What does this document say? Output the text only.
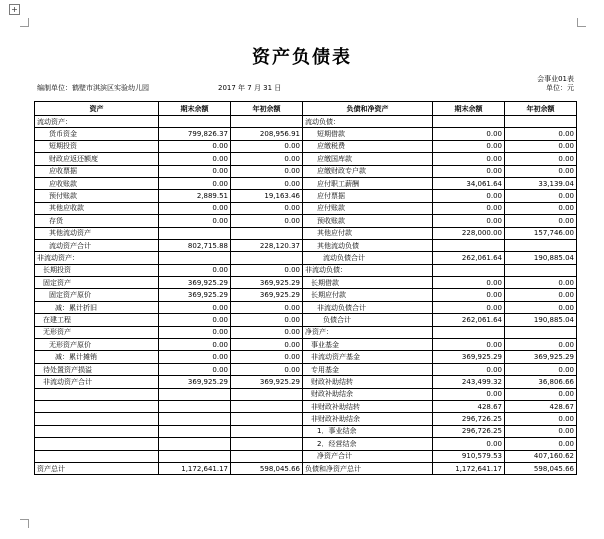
+
资产负债表
会事业01表
编制单位：鹤壁市淇滨区实验幼儿园	2017 年 7 月 31 日	单位：元
资产	期末余额	年初余额	负债和净资产	期末余额	年初余额
流动资产：			流动负债：		
货币资金	799,826.37	208,956.91	短期借款	0.00	0.00
短期投资	0.00	0.00	应缴税费	0.00	0.00
财政应返还额度	0.00	0.00	应缴国库款	0.00	0.00
应收票据	0.00	0.00	应缴财政专户款	0.00	0.00
应收账款	0.00	0.00	应付职工薪酬	34,061.64	33,139.04
预付账款	2,889.51	19,163.46	应付票据	0.00	0.00
其他应收款	0.00	0.00	应付账款	0.00	0.00
存货	0.00	0.00	预收账款	0.00	0.00
其他流动资产			其他应付款	228,000.00	157,746.00
流动资产合计	802,715.88	228,120.37	其他流动负债		
非流动资产：			流动负债合计	262,061.64	190,885.04
长期投资	0.00	0.00	非流动负债：		
固定资产	369,925.29	369,925.29	长期借款	0.00	0.00
固定资产原价	369,925.29	369,925.29	长期应付款	0.00	0.00
减：累计折旧	0.00	0.00	非流动负债合计	0.00	0.00
在建工程	0.00	0.00	负债合计	262,061.64	190,885.04
无形资产	0.00	0.00	净资产：		
无形资产原价	0.00	0.00	事业基金	0.00	0.00
减：累计摊销	0.00	0.00	非流动资产基金	369,925.29	369,925.29
待处置资产损溢	0.00	0.00	专用基金	0.00	0.00
非流动资产合计	369,925.29	369,925.29	财政补助结转	243,499.32	36,806.66
			财政补助结余	0.00	0.00
			非财政补助结转	428.67	428.67
			非财政补助结余	296,726.25	0.00
			1．事业结余	296,726.25	0.00
			2．经营结余	0.00	0.00
			净资产合计	910,579.53	407,160.62
资产总计	1,172,641.17	598,045.66	负债和净资产总计	1,172,641.17	598,045.66
